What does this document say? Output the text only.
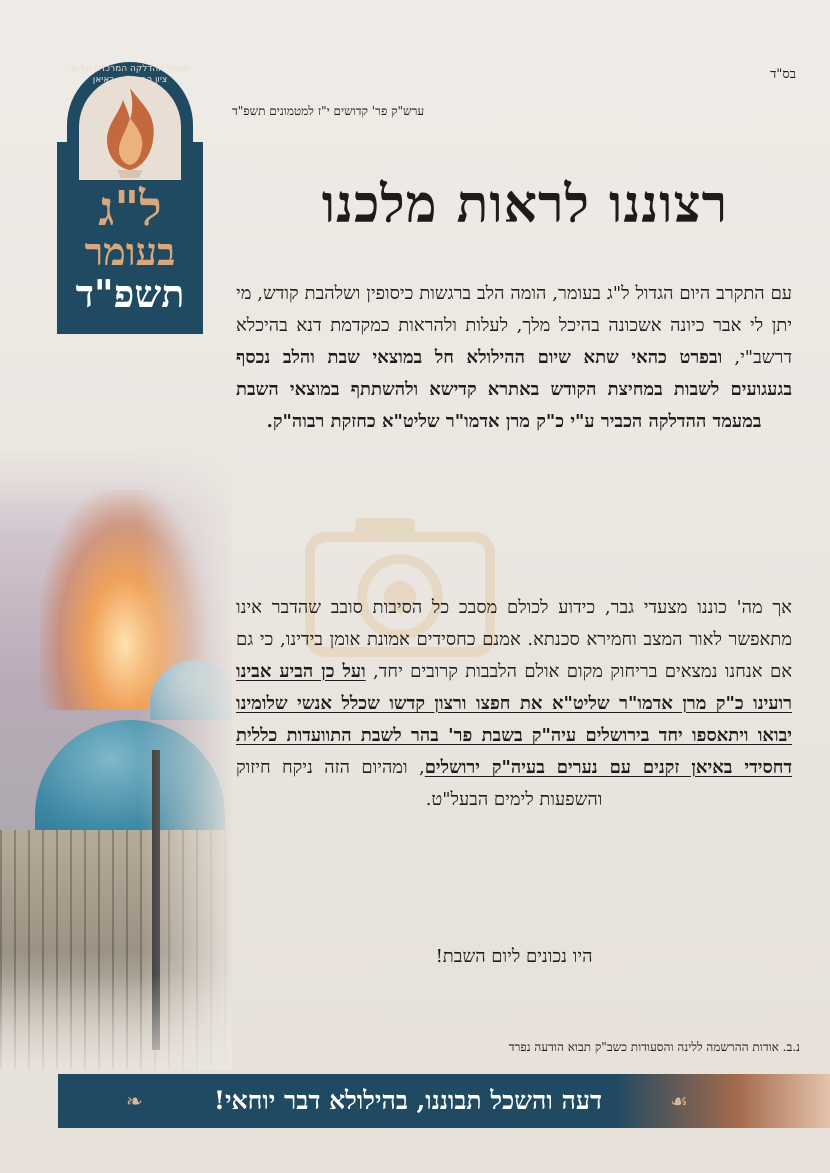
מעמד ההדלקה המרכזית על גג ציון הרשב"י - באיאן
ל"ג
בעומר
תשפ"ד
בס"ד
ערש"ק פר' קדושים י"ז למטמונים תשפ"ד
רצוננו לראות מלכנו
עם התקרב היום הגדול ל"ג בעומר, הומה הלב ברגשות כיסופין ושלהבת קודש, מי יתן לי אבר כיונה אשכונה בהיכל מלך, לעלות ולהראות כמקדמת דנא בהיכלא דרשב"י, ובפרט כהאי שתא שיום ההילולא חל במוצאי שבת והלב נכסף בגעגועים לשבות במחיצת הקודש באתרא קדישא ולהשתתף במוצאי השבת במעמד ההדלקה הכביר ע"י כ"ק מרן אדמו"ר שליט"א כחזקת רבוה"ק.
אך מה' כוננו מצעדי גבר, כידוע לכולם מסבכ כל הסיבות סובב שהדבר אינו מתאפשר לאור המצב וחמירא סכנתא. אמנם כחסידים אמונת אומן בידינו, כי גם אם אנחנו נמצאים בריחוק מקום אולם הלבבות קרובים יחד, ועל כן הביע אבינו רועינו כ"ק מרן אדמו"ר שליט"א את חפצו ורצון קדשו שכלל אנשי שלומינו יבואו ויתאספו יחד בירושלים עיה"ק בשבת פר' בהר לשבת התוועדות כללית דחסידי באיאן זקנים עם נערים בעיה"ק ירושלים, ומהיום הזה ניקח חיזוק והשפעות לימים הבעל"ט.
היו נכונים ליום השבת!
נ.ב. אודות ההרשמה ללינה והסעודות כשב"ק תבוא הודעה נפרד
❧	דעה והשכל תבוננו, בהילולא דבר יוחאי!	☙
